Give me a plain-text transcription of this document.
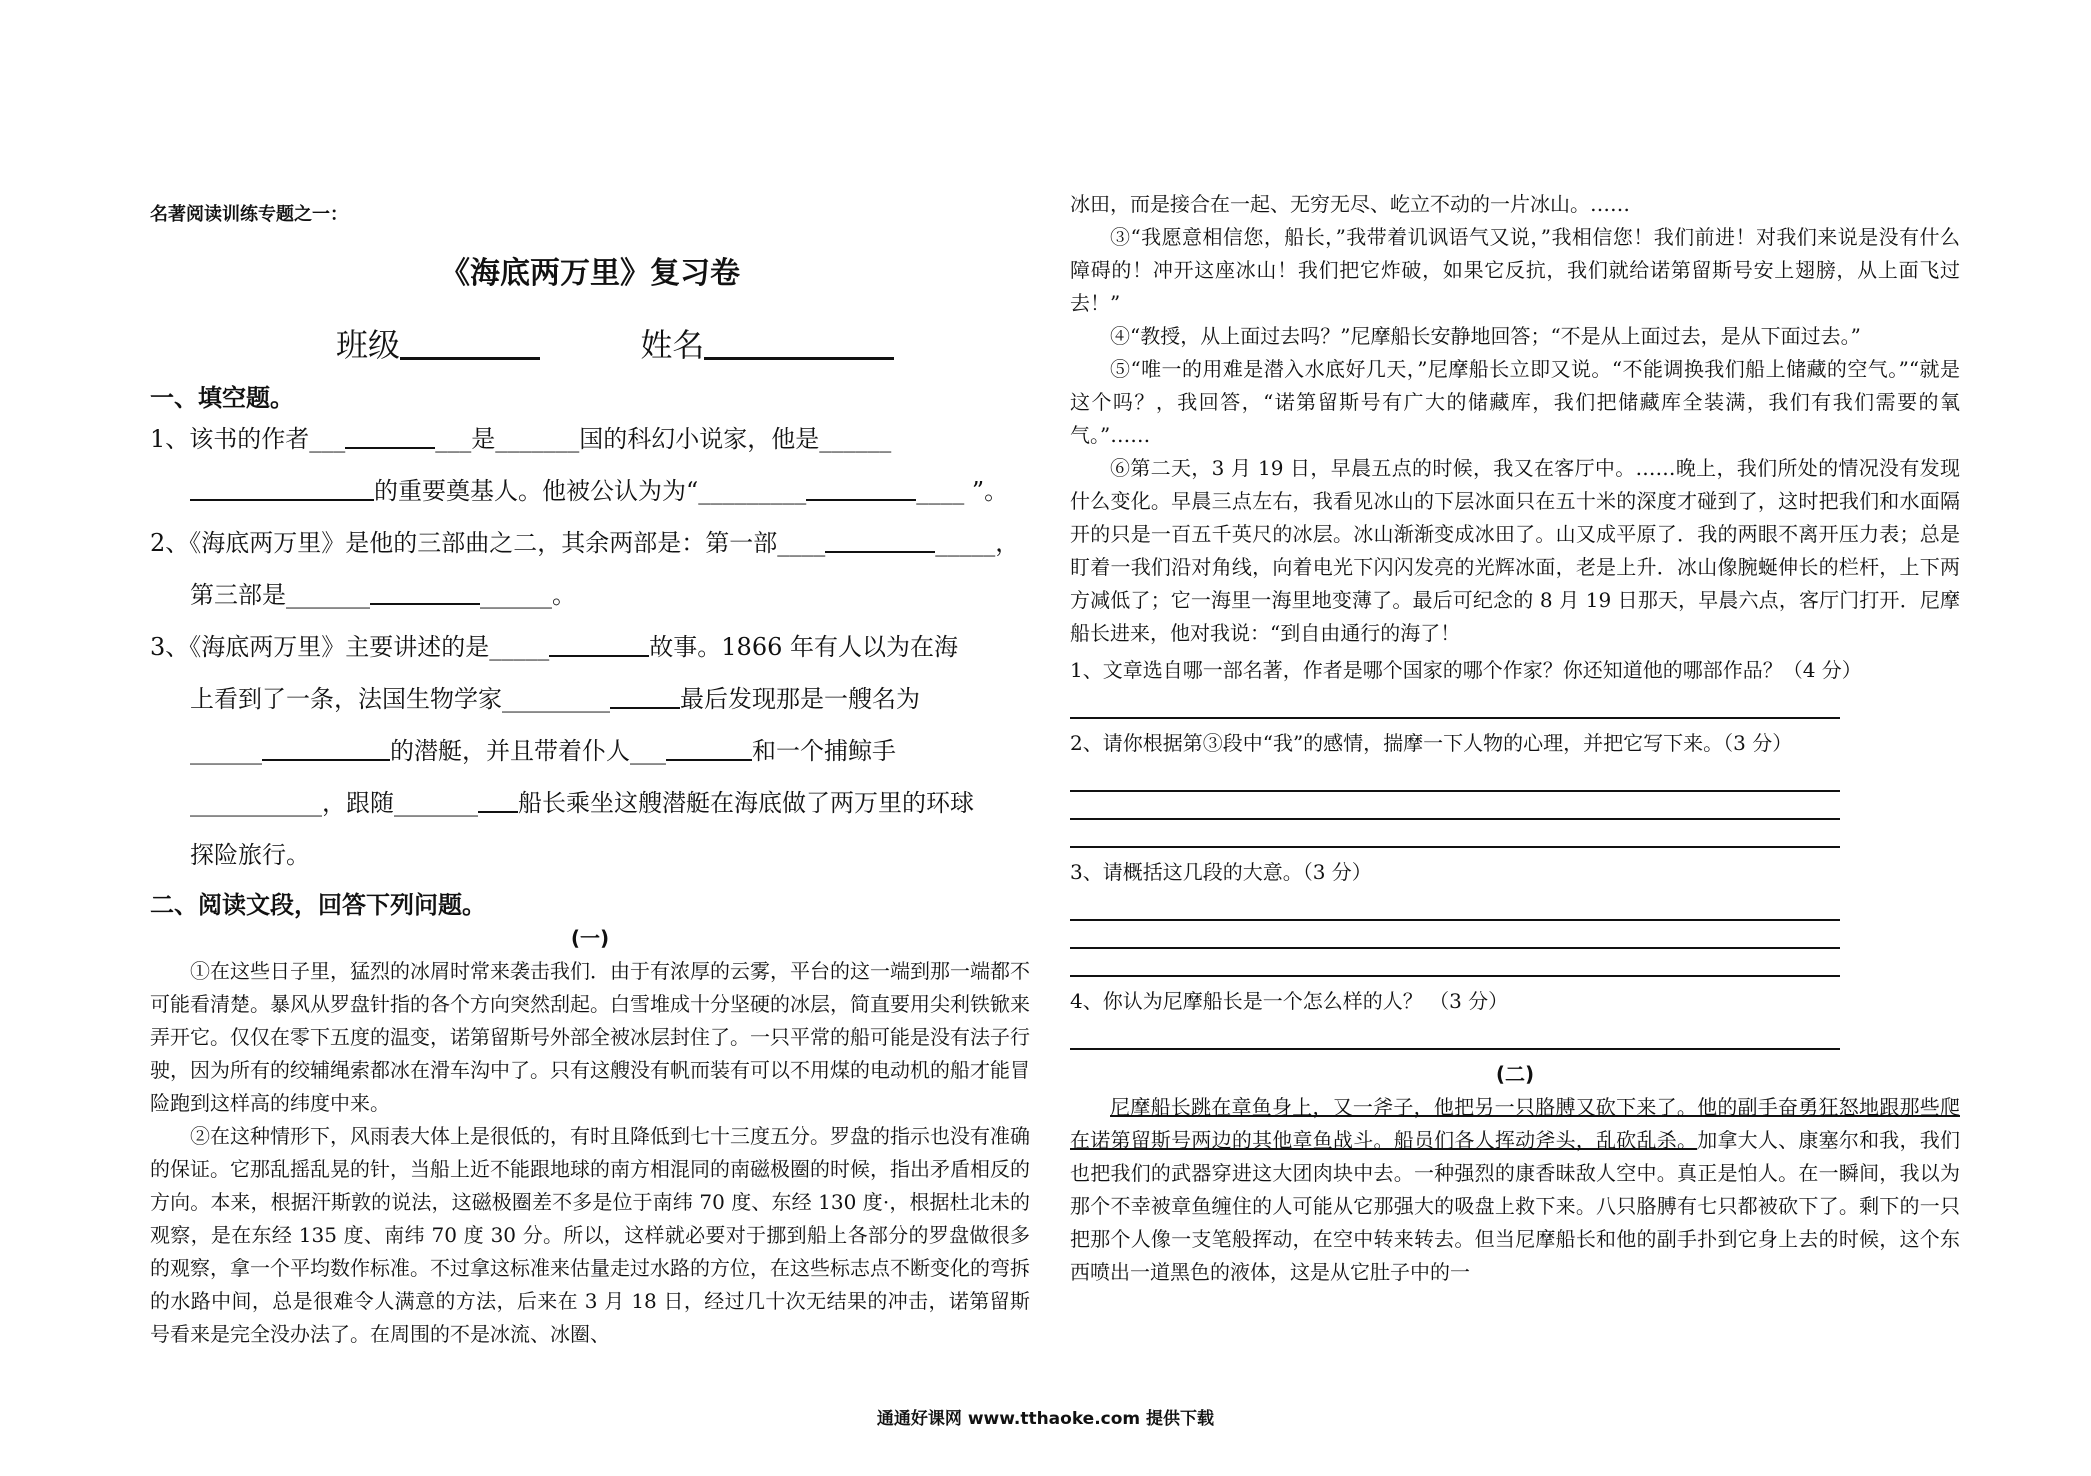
名著阅读训练专题之一：

《海底两万里》复习卷
班级	姓名
一、填空题。

1、该书的作者___	___是_______国的科幻小说家，他是______

的重要奠基人。他被公认为为“_________	____ ”。

2、《海底两万里》是他的三部曲之二，其余两部是：第一部____	_____，

第三部是_______	______。

3、《海底两万里》主要讲述的是_____	故事。1866 年有人以为在海

上看到了一条，法国生物学家_________	最后发现那是一艘名为

______	的潜艇，并且带着仆人___	和一个捕鲸手

___________，跟随_______ 船长乘坐这艘潜艇在海底做了两万里的环球

探险旅行。

二、阅读文段，回答下列问题。

(一)

①在这些日子里，猛烈的冰屑时常来袭击我们．由于有浓厚的云雾，平台的这一端到那一端都不可能看清楚。暴风从罗盘针指的各个方向突然刮起。白雪堆成十分坚硬的冰层，简直要用尖利铁锨来弄开它。仅仅在零下五度的温变，诺第留斯号外部全被冰层封住了。一只平常的船可能是没有法子行驶，因为所有的绞辅绳索都冰在滑车沟中了。只有这艘没有帆而装有可以不用煤的电动机的船才能冒险跑到这样高的纬度中来。

②在这种情形下，风雨表大体上是很低的，有时且降低到七十三度五分。罗盘的指示也没有准确的保证。它那乱摇乱晃的针，当船上近不能跟地球的南方相混同的南磁极圈的时候，指出矛盾相反的方向。本来，根据汗斯敦的说法，这磁极圈差不多是位于南纬 70 度、东经 130 度·，根据杜北未的观察，是在东经 135 度、南纬 70 度 30 分。所以，这样就必要对于挪到船上各部分的罗盘做很多的观察，拿一个平均数作标准。不过拿这标准来估量走过水路的方位，在这些标志点不断变化的弯拆的水路中间，总是很难令人满意的方法，后来在 3 月 18 日，经过几十次无结果的冲击，诺第留斯号看来是完全没办法了。在周围的不是冰流、冰圈、

冰田，而是接合在一起、无穷无尽、屹立不动的一片冰山。……

③“我愿意相信您，船长，”我带着讥讽语气又说，”我相信您！我们前进！对我们来说是没有什么障碍的！冲开这座冰山！我们把它炸破，如果它反抗，我们就给诺第留斯号安上翅膀，从上面飞过去！”

④“教授，从上面过去吗？”尼摩船长安静地回答；“不是从上面过去，是从下面过去。”

⑤“唯一的用难是潜入水底好几天，”尼摩船长立即又说。“不能调换我们船上储藏的空气。”“就是这个吗？，我回答，“诺第留斯号有广大的储藏库，我们把储藏库全装满，我们有我们需要的氧气。”……

⑥第二天，3 月 19 日，早晨五点的时候，我又在客厅中。……晚上，我们所处的情况没有发现什么变化。早晨三点左右，我看见冰山的下层冰面只在五十米的深度才碰到了，这时把我们和水面隔开的只是一百五千英尺的冰层。冰山渐渐变成冰田了。山又成平原了．我的两眼不离开压力表；总是盯着一我们沿对角线，向着电光下闪闪发亮的光辉冰面，老是上升．冰山像腕蜒伸长的栏杆，上下两方减低了；它一海里一海里地变薄了。最后可纪念的 8 月 19 日那天，早晨六点，客厅门打开．尼摩船长进来，他对我说：“到自由通行的海了！

1、文章选自哪一部名著，作者是哪个国家的哪个作家？你还知道他的哪部作品？（4 分）

2、请你根据第③段中“我”的感情，揣摩一下人物的心理，并把它写下来。（3 分）

3、请概括这几段的大意。（3 分）

4、你认为尼摩船长是一个怎么样的人？ （3 分）

(二)

尼摩船长跳在章鱼身上，又一斧子，他把另一只胳膊又砍下来了。他的副手奋勇狂怒地跟那些爬在诺第留斯号两边的其他章鱼战斗。船员们各人挥动斧头，乱砍乱杀。加拿大人、康塞尔和我，我们也把我们的武器穿进这大团肉块中去。一种强烈的康香昧敌人空中。真正是怕人。在一瞬间，我以为那个不幸被章鱼缠住的人可能从它那强大的吸盘上救下来。八只胳膊有七只都被砍下了。剩下的一只把那个人像一支笔般挥动，在空中转来转去。但当尼摩船长和他的副手扑到它身上去的时候，这个东西喷出一道黑色的液体，这是从它肚子中的一

通通好课网 www.tthaoke.com 提供下载
